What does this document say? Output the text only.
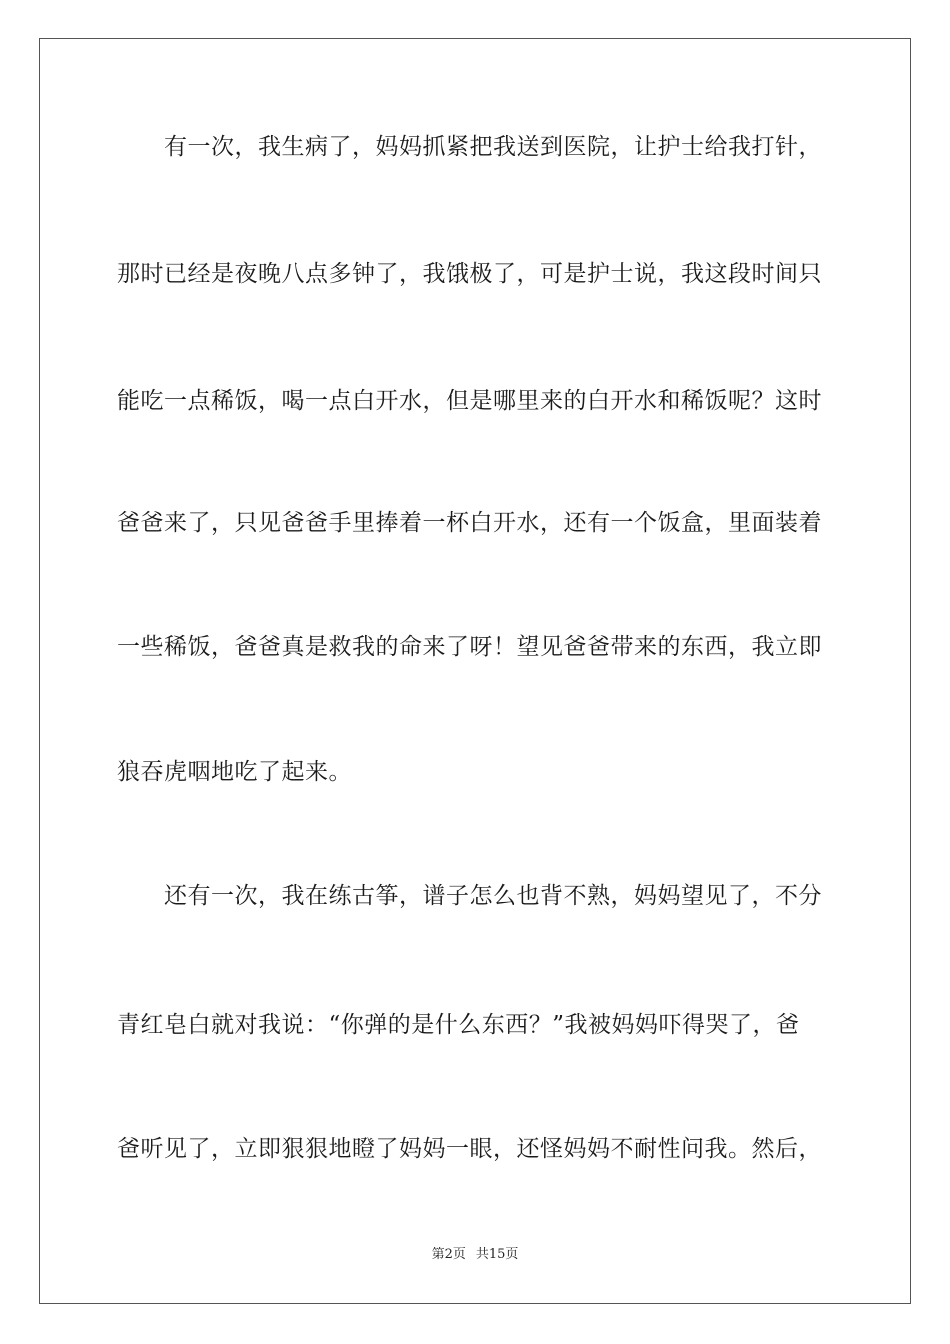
有一次，我生病了，妈妈抓紧把我送到医院，让护士给我打针，
那时已经是夜晚八点多钟了，我饿极了，可是护士说，我这段时间只
能吃一点稀饭，喝一点白开水，但是哪里来的白开水和稀饭呢？这时
爸爸来了，只见爸爸手里捧着一杯白开水，还有一个饭盒，里面装着
一些稀饭，爸爸真是救我的命来了呀！望见爸爸带来的东西，我立即
狼吞虎咽地吃了起来。
还有一次，我在练古筝，谱子怎么也背不熟，妈妈望见了，不分
青红皂白就对我说：“你弹的是什么东西？”我被妈妈吓得哭了，爸
爸听见了，立即狠狠地瞪了妈妈一眼，还怪妈妈不耐性问我。然后，
第2页 共15页
